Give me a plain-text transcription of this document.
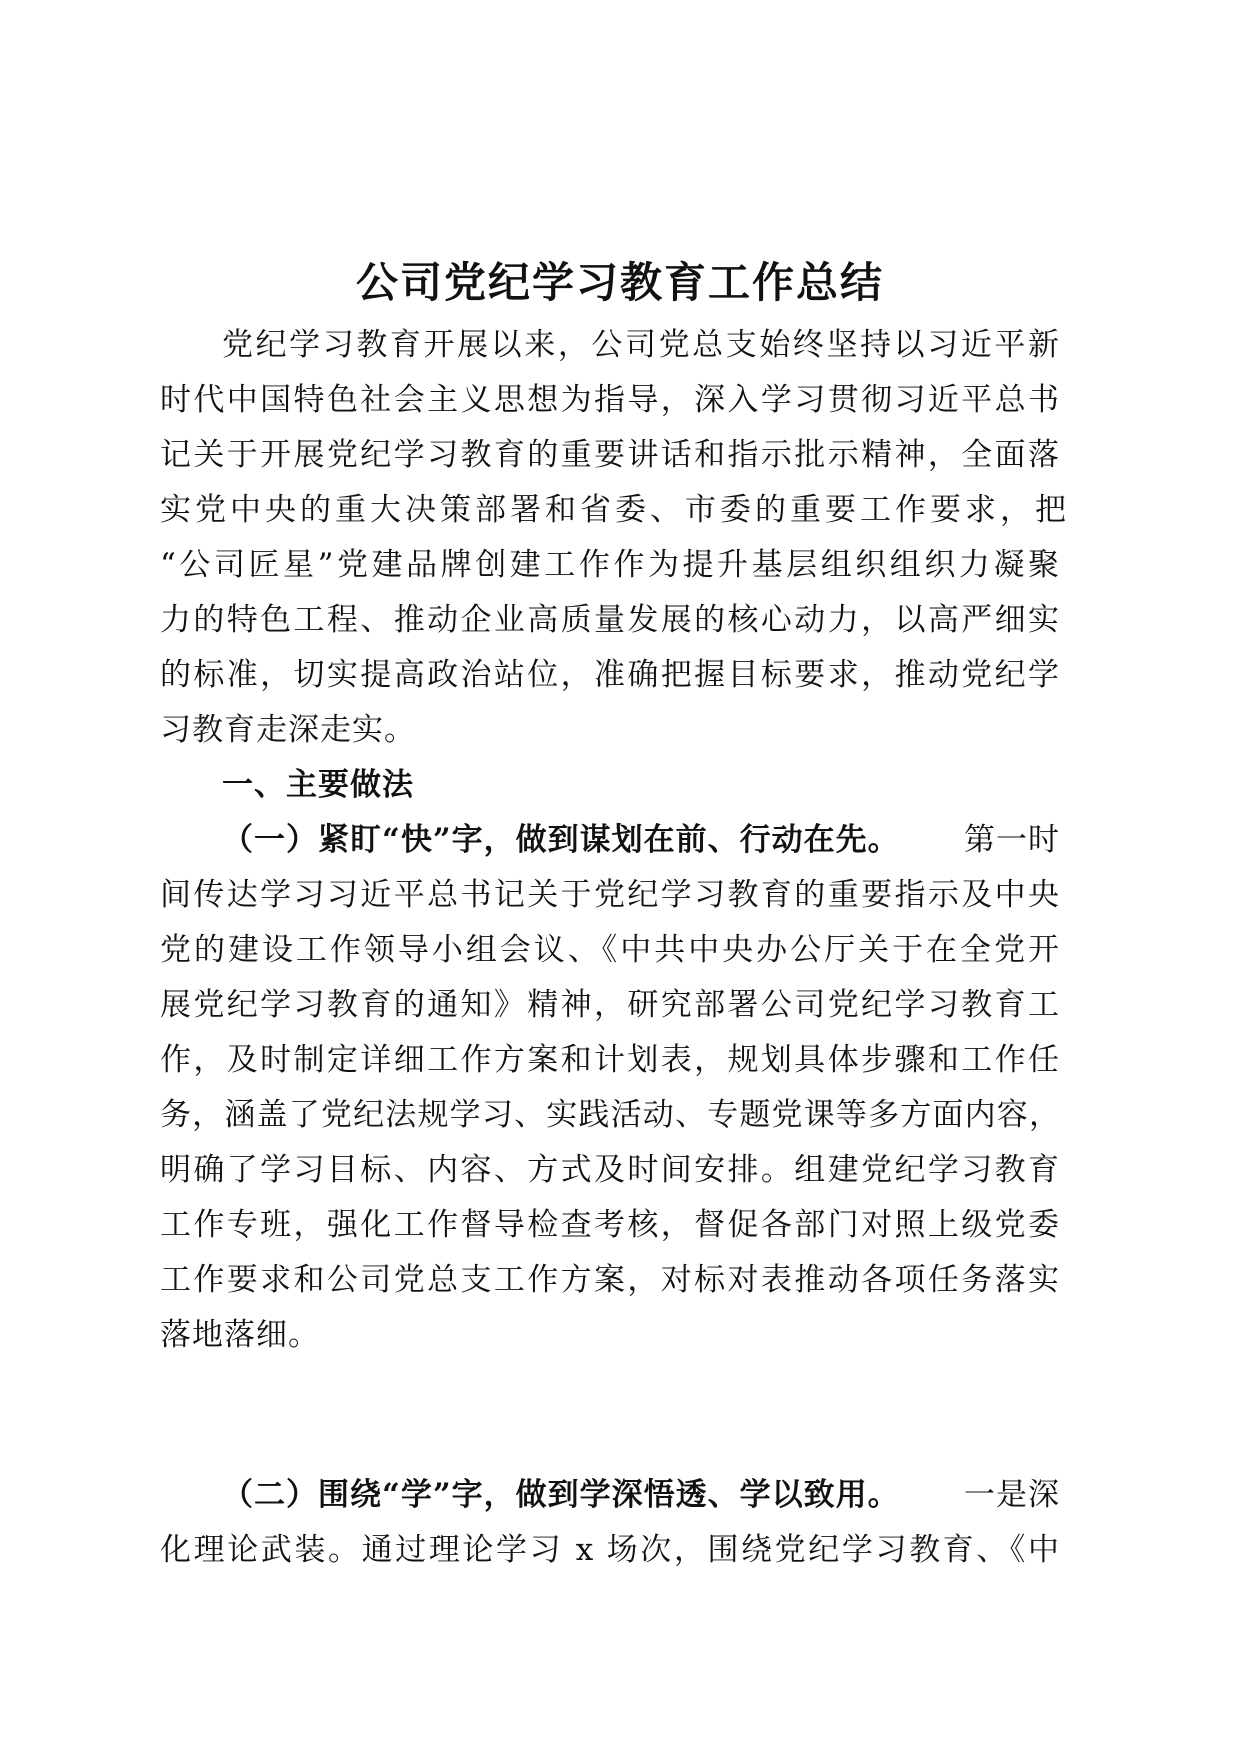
公司党纪学习教育工作总结
党纪学习教育开展以来，公司党总支始终坚持以习近平新
时代中国特色社会主义思想为指导，深入学习贯彻习近平总书
记关于开展党纪学习教育的重要讲话和指示批示精神，全面落
实党中央的重大决策部署和省委、市委的重要工作要求，把
“公司匠星”党建品牌创建工作作为提升基层组织组织力凝聚
力的特色工程、推动企业高质量发展的核心动力，以高严细实
的标准，切实提高政治站位，准确把握目标要求，推动党纪学
习教育走深走实。
一、主要做法
（一）紧盯“快”字，做到谋划在前、行动在先。 第一时
间传达学习习近平总书记关于党纪学习教育的重要指示及中央
党的建设工作领导小组会议、《中共中央办公厅关于在全党开
展党纪学习教育的通知》精神，研究部署公司党纪学习教育工
作，及时制定详细工作方案和计划表，规划具体步骤和工作任
务，涵盖了党纪法规学习、实践活动、专题党课等多方面内容，
明确了学习目标、内容、方式及时间安排。组建党纪学习教育
工作专班，强化工作督导检查考核，督促各部门对照上级党委
工作要求和公司党总支工作方案，对标对表推动各项任务落实
落地落细。
（二）围绕“学”字，做到学深悟透、学以致用。 一是深
化理论武装。通过理论学习 x 场次，围绕党纪学习教育、《中
